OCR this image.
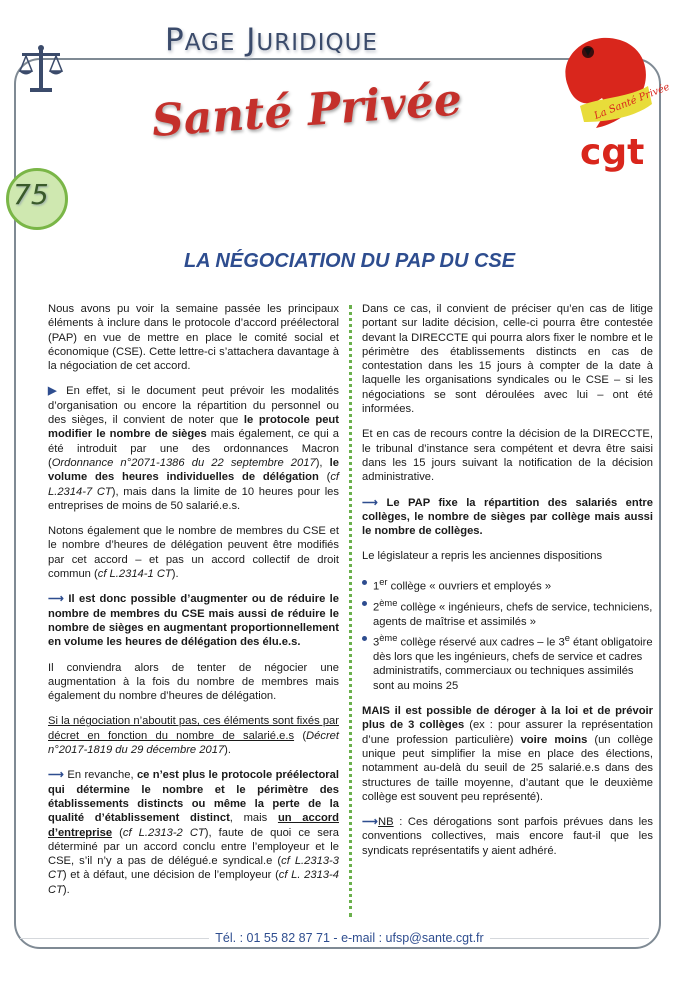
PAGE JURIDIQUE
Santé Privée
75
La Santé Privée
cgt
LA NÉGOCIATION DU PAP DU CSE

Nous avons pu voir la semaine passée les principaux éléments à inclure dans le protocole d’accord préélectoral (PAP) en vue de mettre en place le comité social et économique (CSE). Cette lettre-ci s’attachera davantage à la négociation de cet accord.

▶ En effet, si le document peut prévoir les modalités d’organisation ou encore la répartition du personnel ou des sièges, il convient de noter que le protocole peut modifier le nombre de sièges mais également, ce qui a été introduit par une des ordonnances Macron (Ordonnance n°2071-1386 du 22 septembre 2017), le volume des heures individuelles de délégation (cf L.2314-7 CT), mais dans la limite de 10 heures pour les entreprises de moins de 50 salarié.e.s.

Notons également que le nombre de membres du CSE et le nombre d’heures de délégation peuvent être modifiés par cet accord – et pas un accord collectif de droit commun (cf L.2314-1 CT).

⟶ Il est donc possible d’augmenter ou de réduire le nombre de membres du CSE mais aussi de réduire le nombre de sièges en augmentant proportionnellement en volume les heures de délégation des élu.e.s.

Il conviendra alors de tenter de négocier une augmentation à la fois du nombre de membres mais également du nombre d’heures de délégation.

Si la négociation n’aboutit pas, ces éléments sont fixés par décret en fonction du nombre de salarié.e.s (Décret n°2017-1819 du 29 décembre 2017).

⟶ En revanche, ce n’est plus le protocole préélectoral qui détermine le nombre et le périmètre des établissements distincts ou même la perte de la qualité d’établissement distinct, mais un accord d’entreprise (cf L.2313-2 CT), faute de quoi ce sera déterminé par un accord conclu entre l’employeur et le CSE, s’il n’y a pas de délégué.e syndical.e (cf L.2313-3 CT) et à défaut, une décision de l’employeur (cf L. 2313-4 CT).

Dans ce cas, il convient de préciser qu’en cas de litige portant sur ladite décision, celle-ci pourra être contestée devant la DIRECCTE qui pourra alors fixer le nombre et le périmètre des établissements distincts en cas de contestation dans les 15 jours à compter de la date à laquelle les organisations syndicales ou le CSE – si les négociations se sont déroulées avec lui – ont été informées.

Et en cas de recours contre la décision de la DIRECCTE, le tribunal d’instance sera compétent et devra être saisi dans les 15 jours suivant la notification de la décision administrative.

⟶ Le PAP fixe la répartition des salariés entre collèges, le nombre de sièges par collège mais aussi le nombre de collèges.

Le législateur a repris les anciennes dispositions

1er collège « ouvriers et employés »
2ème collège « ingénieurs, chefs de service, techniciens, agents de maîtrise et assimilés »
3ème collège réservé aux cadres – le 3e étant obligatoire dès lors que les ingénieurs, chefs de service et cadres administratifs, commerciaux ou techniques assimilés sont au moins 25

MAIS il est possible de déroger à la loi et de prévoir plus de 3 collèges (ex : pour assurer la représentation d’une profession particulière) voire moins (un collège unique peut simplifier la mise en place des élections, notamment au-delà du seuil de 25 salarié.e.s dans des structures de taille moyenne, d’autant que le deuxième collège est souvent peu représenté).

⟶NB : Ces dérogations sont parfois prévues dans les conventions collectives, mais encore faut-il que les syndicats représentatifs y aient adhéré.

Tél. : 01 55 82 87 71 - e-mail : ufsp@sante.cgt.fr
